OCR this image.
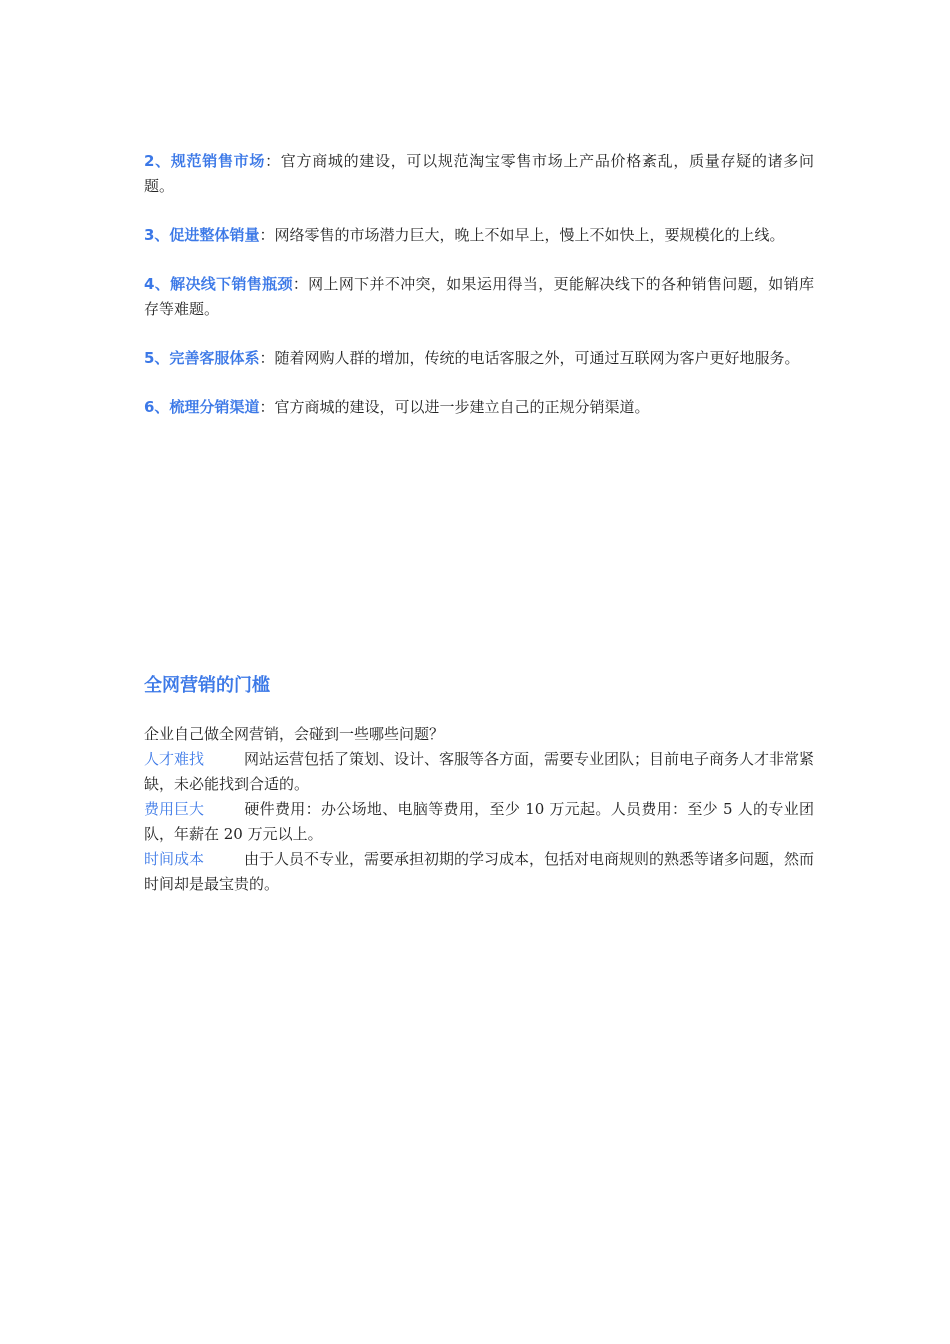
2、规范销售市场：官方商城的建设，可以规范淘宝零售市场上产品价格紊乱，质量存疑的诸多问题。

3、促进整体销量：网络零售的市场潜力巨大，晚上不如早上，慢上不如快上，要规模化的上线。

4、解决线下销售瓶颈：网上网下并不冲突，如果运用得当，更能解决线下的各种销售问题，如销库存等难题。

5、完善客服体系：随着网购人群的增加，传统的电话客服之外，可通过互联网为客户更好地服务。

6、梳理分销渠道：官方商城的建设，可以进一步建立自己的正规分销渠道。

全网营销的门槛

企业自己做全网营销，会碰到一些哪些问题？

人才难找	网站运营包括了策划、设计、客服等各方面，需要专业团队；目前电子商务人才非常紧缺，未必能找到合适的。

费用巨大	硬件费用：办公场地、电脑等费用，至少 10 万元起。人员费用：至少 5 人的专业团队，年薪在 20 万元以上。

时间成本	由于人员不专业，需要承担初期的学习成本，包括对电商规则的熟悉等诸多问题，然而时间却是最宝贵的。
